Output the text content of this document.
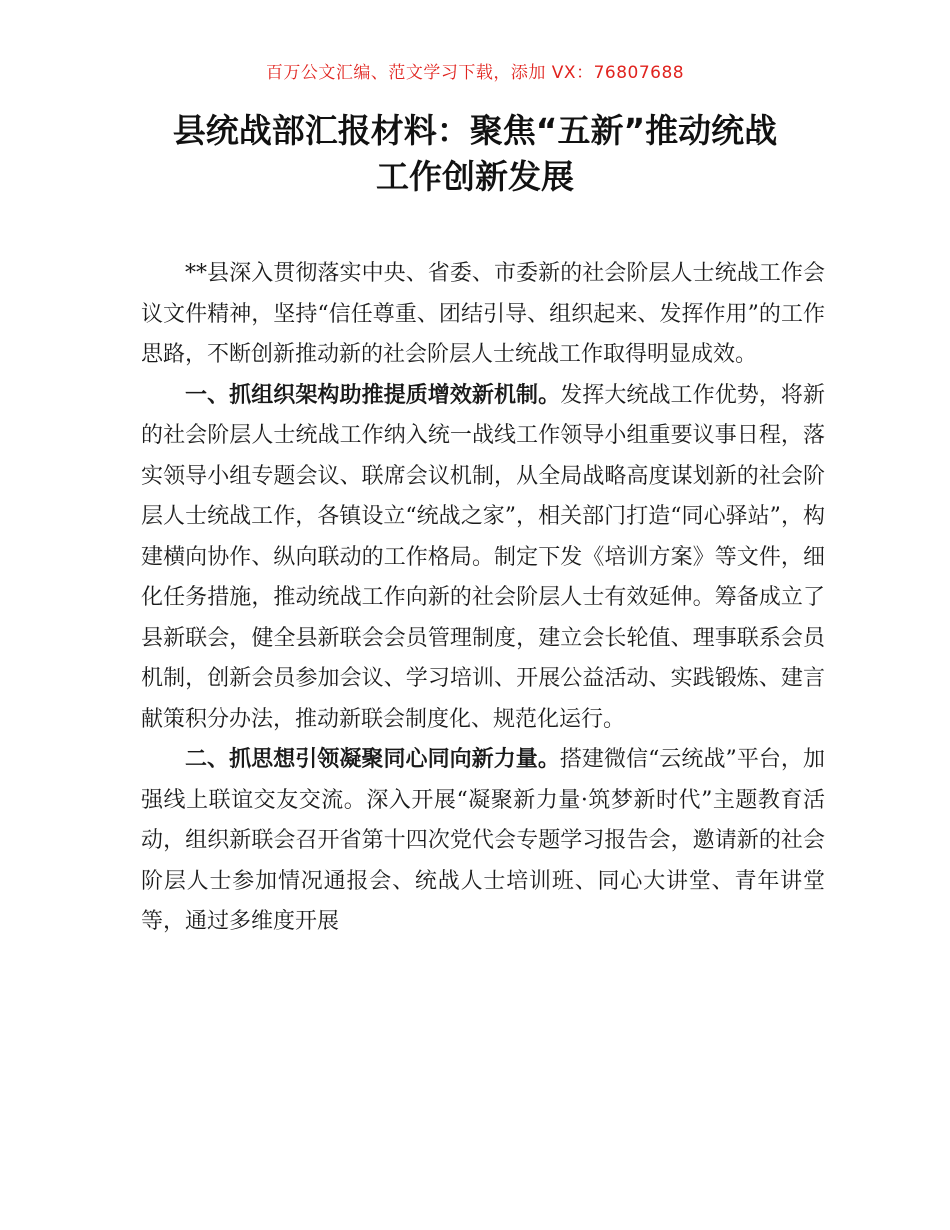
百万公文汇编、范文学习下载，添加 VX：76807688
县统战部汇报材料：聚焦“五新”推动统战
工作创新发展

**县深入贯彻落实中央、省委、市委新的社会阶层人士统战工作会议文件精神，坚持“信任尊重、团结引导、组织起来、发挥作用”的工作思路，不断创新推动新的社会阶层人士统战工作取得明显成效。

一、抓组织架构助推提质增效新机制。发挥大统战工作优势，将新的社会阶层人士统战工作纳入统一战线工作领导小组重要议事日程，落实领导小组专题会议、联席会议机制，从全局战略高度谋划新的社会阶层人士统战工作，各镇设立“统战之家”，相关部门打造“同心驿站”，构建横向协作、纵向联动的工作格局。制定下发《培训方案》等文件，细化任务措施，推动统战工作向新的社会阶层人士有效延伸。筹备成立了县新联会，健全县新联会会员管理制度，建立会长轮值、理事联系会员机制，创新会员参加会议、学习培训、开展公益活动、实践锻炼、建言献策积分办法，推动新联会制度化、规范化运行。

二、抓思想引领凝聚同心同向新力量。搭建微信“云统战”平台，加强线上联谊交友交流。深入开展“凝聚新力量·筑梦新时代”主题教育活动，组织新联会召开省第十四次党代会专题学习报告会，邀请新的社会阶层人士参加情况通报会、统战人士培训班、同心大讲堂、青年讲堂等，通过多维度开展
